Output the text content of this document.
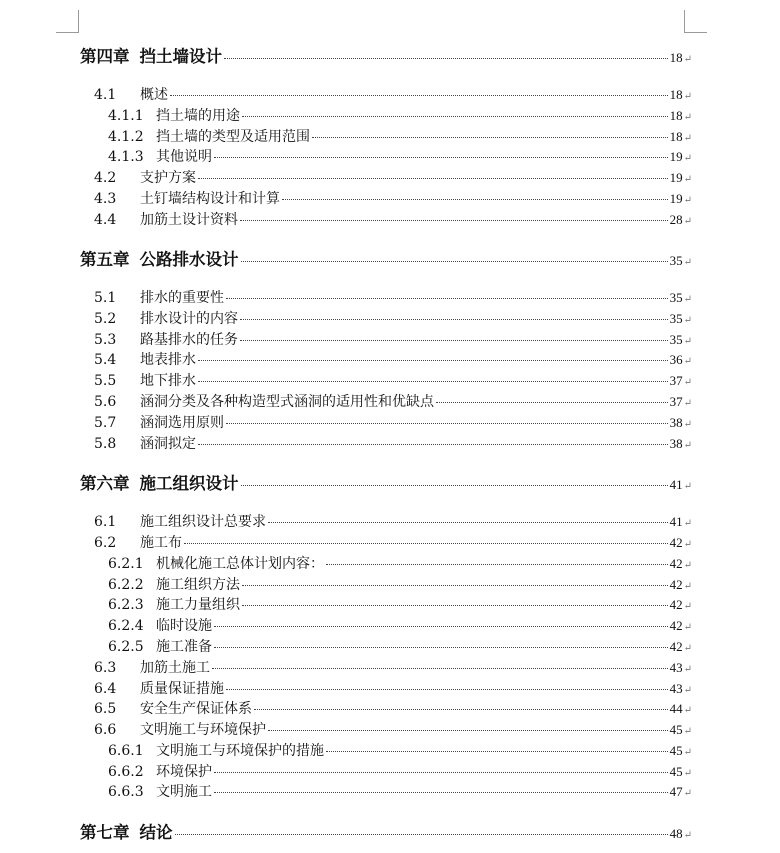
第四章 挡土墙设计	18 ↵
4.1	概述	18 ↵
4.1.1 挡土墙的用途	18 ↵
4.1.2 挡土墙的类型及适用范围	18 ↵
4.1.3 其他说明	19 ↵
4.2	支护方案	19 ↵
4.3	土钉墙结构设计和计算	19 ↵
4.4	加筋土设计资料	28 ↵
第五章 公路排水设计	35 ↵
5.1	排水的重要性	35 ↵
5.2	排水设计的内容	35 ↵
5.3	路基排水的任务	35 ↵
5.4	地表排水	36 ↵
5.5	地下排水	37 ↵
5.6	涵洞分类及各种构造型式涵洞的适用性和优缺点	37 ↵
5.7	涵洞选用原则	38 ↵
5.8	涵洞拟定	38 ↵
第六章 施工组织设计	41 ↵
6.1	施工组织设计总要求	41 ↵
6.2	施工布	42 ↵
6.2.1 机械化施工总体计划内容：	42 ↵
6.2.2 施工组织方法	42 ↵
6.2.3 施工力量组织	42 ↵
6.2.4 临时设施	42 ↵
6.2.5 施工准备	42 ↵
6.3	加筋土施工	43 ↵
6.4	质量保证措施	43 ↵
6.5	安全生产保证体系	44 ↵
6.6	文明施工与环境保护	45 ↵
6.6.1 文明施工与环境保护的措施	45 ↵
6.6.2 环境保护	45 ↵
6.6.3 文明施工	47 ↵
第七章 结论	48 ↵
